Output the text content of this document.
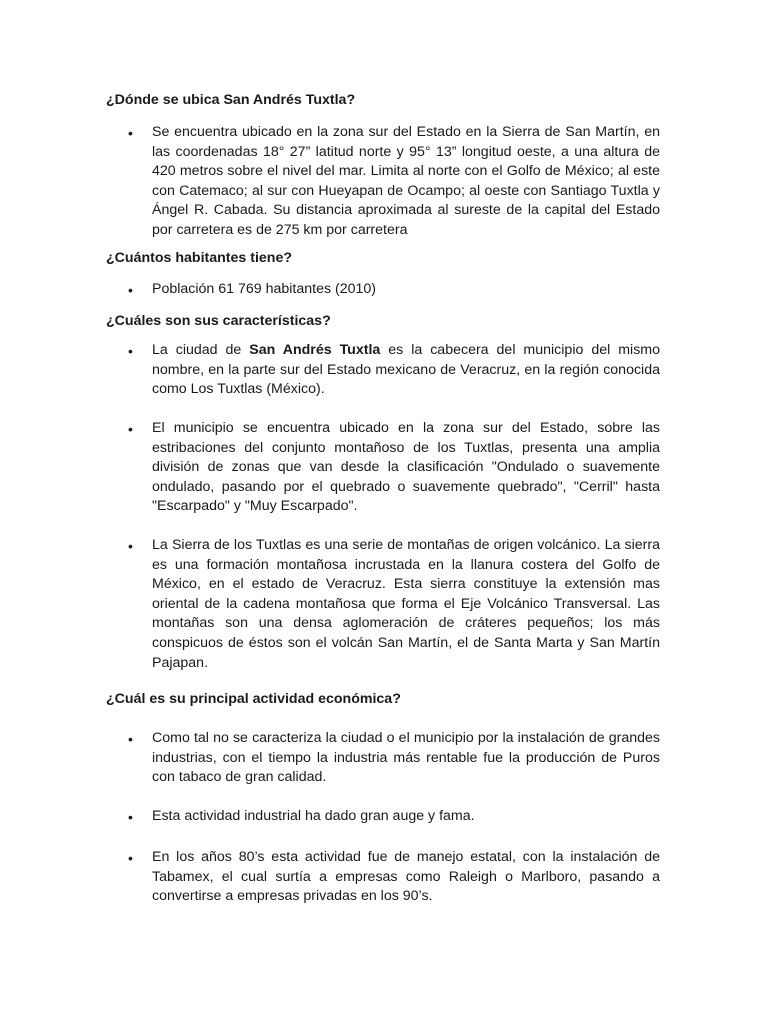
¿Dónde se ubica San Andrés Tuxtla?

•	Se encuentra ubicado en la zona sur del Estado en la Sierra de San Martín, en las coordenadas 18° 27” latitud norte y 95° 13” longitud oeste, a una altura de 420 metros sobre el nivel del mar. Limita al norte con el Golfo de México; al este con Catemaco; al sur con Hueyapan de Ocampo; al oeste con Santiago Tuxtla y Ángel R. Cabada. Su distancia aproximada al sureste de la capital del Estado por carretera es de 275 km por carretera

¿Cuántos habitantes tiene?

•	Población 61 769 habitantes (2010)

¿Cuáles son sus características?

•	La ciudad de San Andrés Tuxtla es la cabecera del municipio del mismo nombre, en la parte sur del Estado mexicano de Veracruz, en la región conocida como Los Tuxtlas (México).

•	El municipio se encuentra ubicado en la zona sur del Estado, sobre las estribaciones del conjunto montañoso de los Tuxtlas, presenta una amplia división de zonas que van desde la clasificación "Ondulado o suavemente ondulado, pasando por el quebrado o suavemente quebrado", "Cerril" hasta "Escarpado" y "Muy Escarpado".

•	La Sierra de los Tuxtlas es una serie de montañas de origen volcánico. La sierra es una formación montañosa incrustada en la llanura costera del Golfo de México, en el estado de Veracruz. Esta sierra constituye la extensión mas oriental de la cadena montañosa que forma el Eje Volcánico Transversal. Las montañas son una densa aglomeración de cráteres pequeños; los más conspicuos de éstos son el volcán San Martín, el de Santa Marta y San Martín Pajapan.

¿Cuál es su principal actividad económica?

•	Como tal no se caracteriza la ciudad o el municipio por la instalación de grandes industrias, con el tiempo la industria más rentable fue la producción de Puros con tabaco de gran calidad.

•	Esta actividad industrial ha dado gran auge y fama.

•	En los años 80’s esta actividad fue de manejo estatal, con la instalación de Tabamex, el cual surtía a empresas como Raleigh o Marlboro, pasando a convertirse a empresas privadas en los 90’s.
